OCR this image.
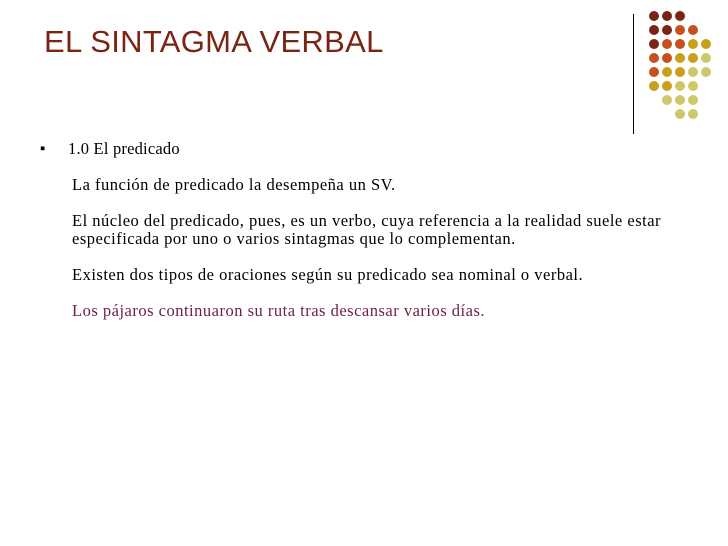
EL SINTAGMA VERBAL
▪	1.0 El predicado
La función de predicado la desempeña un SV.
El núcleo del predicado, pues, es un verbo, cuya referencia a la realidad suele estar especificada por uno o varios sintagmas que lo complementan.
Existen dos tipos de oraciones según su predicado sea nominal o verbal.
Los pájaros continuaron su ruta tras descansar varios días.
